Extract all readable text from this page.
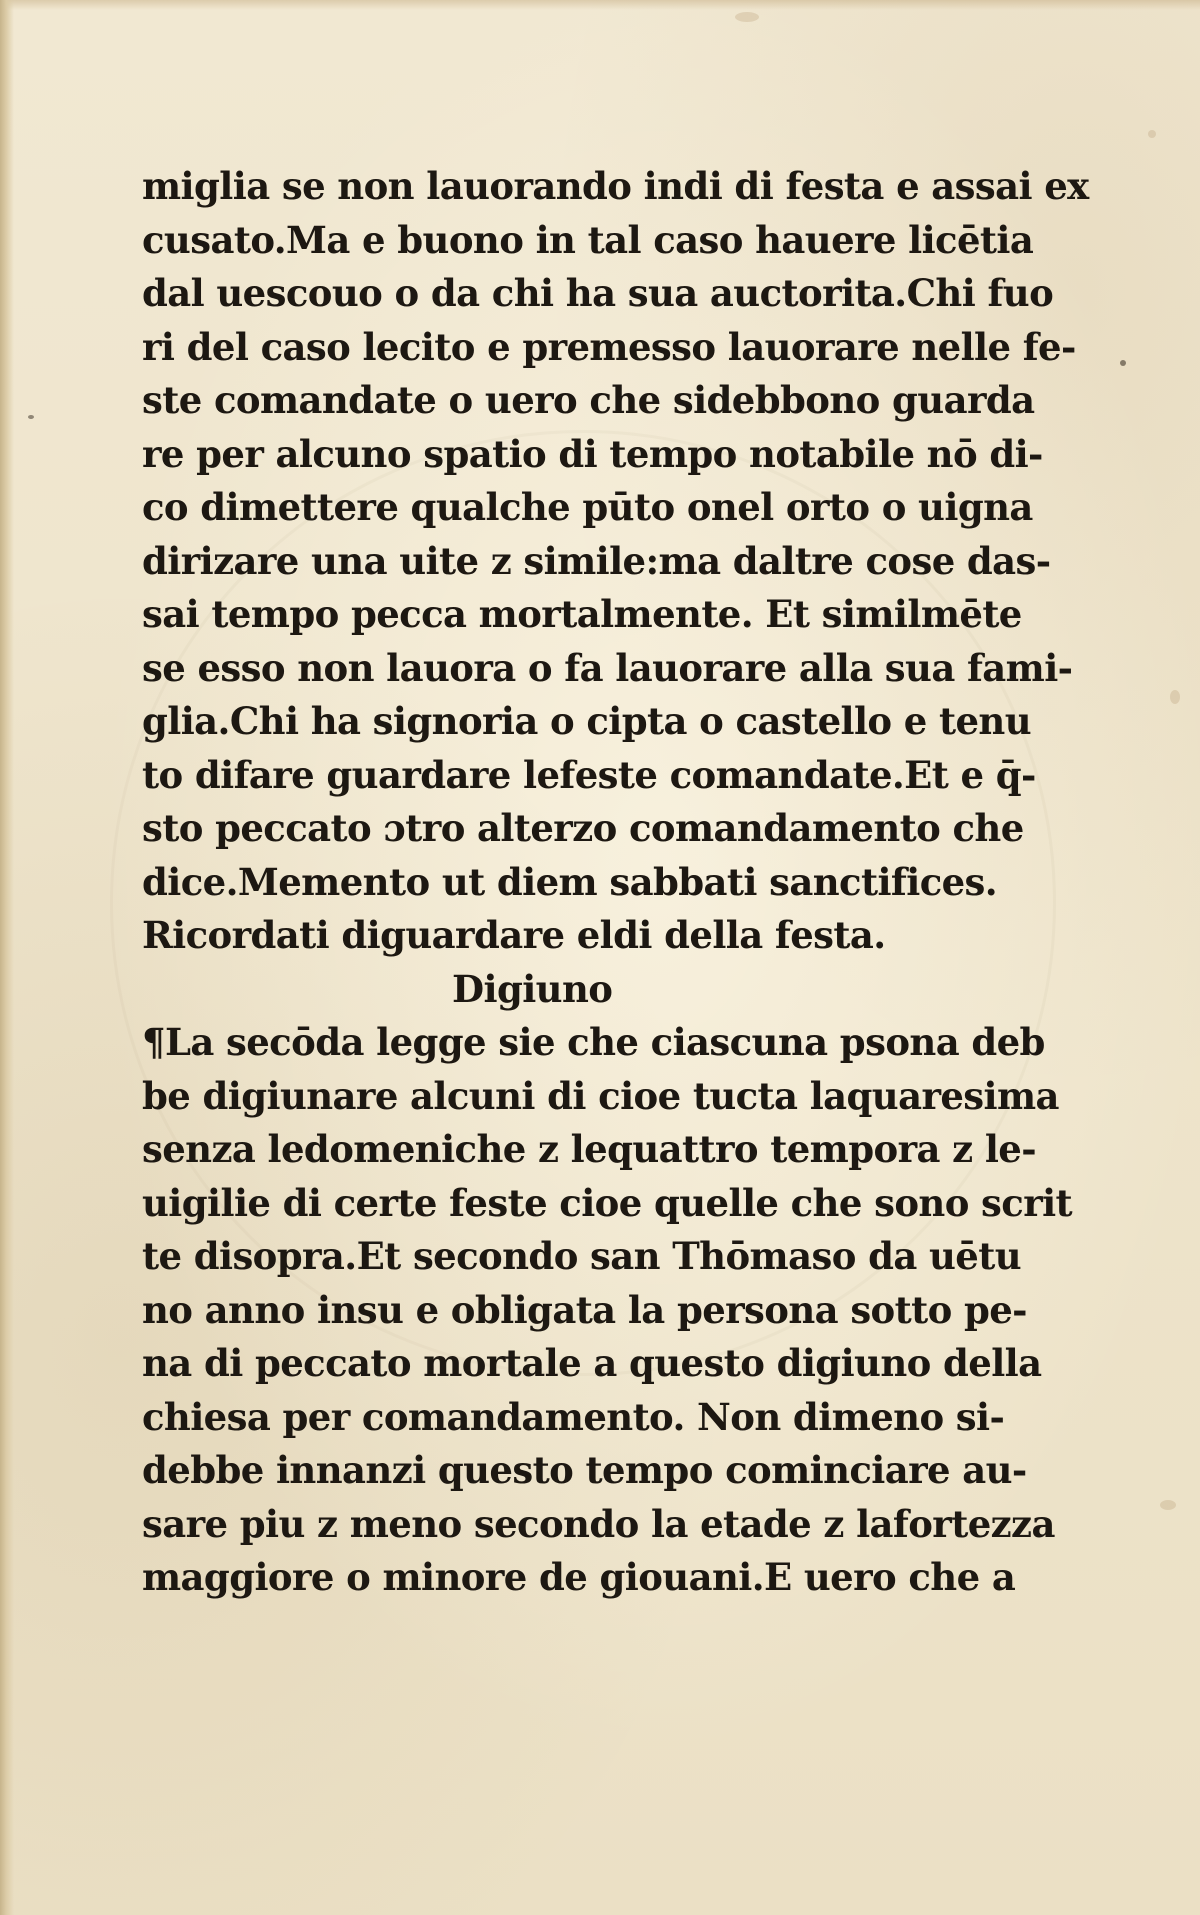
miglia se non lauorando indi di festa e assai ex
cusato.Ma e buono in tal caso hauere licētia
dal uescouo o da chi ha sua auctorita.Chi fuo
ri del caso lecito e premesso lauorare nelle fe-
ste comandate o uero che sidebbono guarda
re per alcuno spatio di tempo notabile nō di-
co dimettere qualche pūto onel orto o uigna
dirizare una uite z simile:ma daltre cose das-
sai tempo pecca mortalmente. Et similmēte
se esso non lauora o fa lauorare alla sua fami-
glia.Chi ha signoria o cipta o castello e tenu
to difare guardare lefeste comandate.Et e q̄-
sto peccato ɔtro alterzo comandamento che
dice.Memento ut diem sabbati sanctifices.
Ricordati diguardare eldi della festa.
Digiuno
¶La secōda legge sie che ciascuna psona deb
be digiunare alcuni di cioe tucta laquaresima
senza ledomeniche z lequattro tempora z le-
uigilie di certe feste cioe quelle che sono scrit
te disopra.Et secondo san Thōmaso da uētu
no anno insu e obligata la persona sotto pe-
na di peccato mortale a questo digiuno della
chiesa per comandamento. Non dimeno si-
debbe innanzi questo tempo cominciare au-
sare piu z meno secondo la etade z lafortezza
maggiore o minore de giouani.E uero che a
